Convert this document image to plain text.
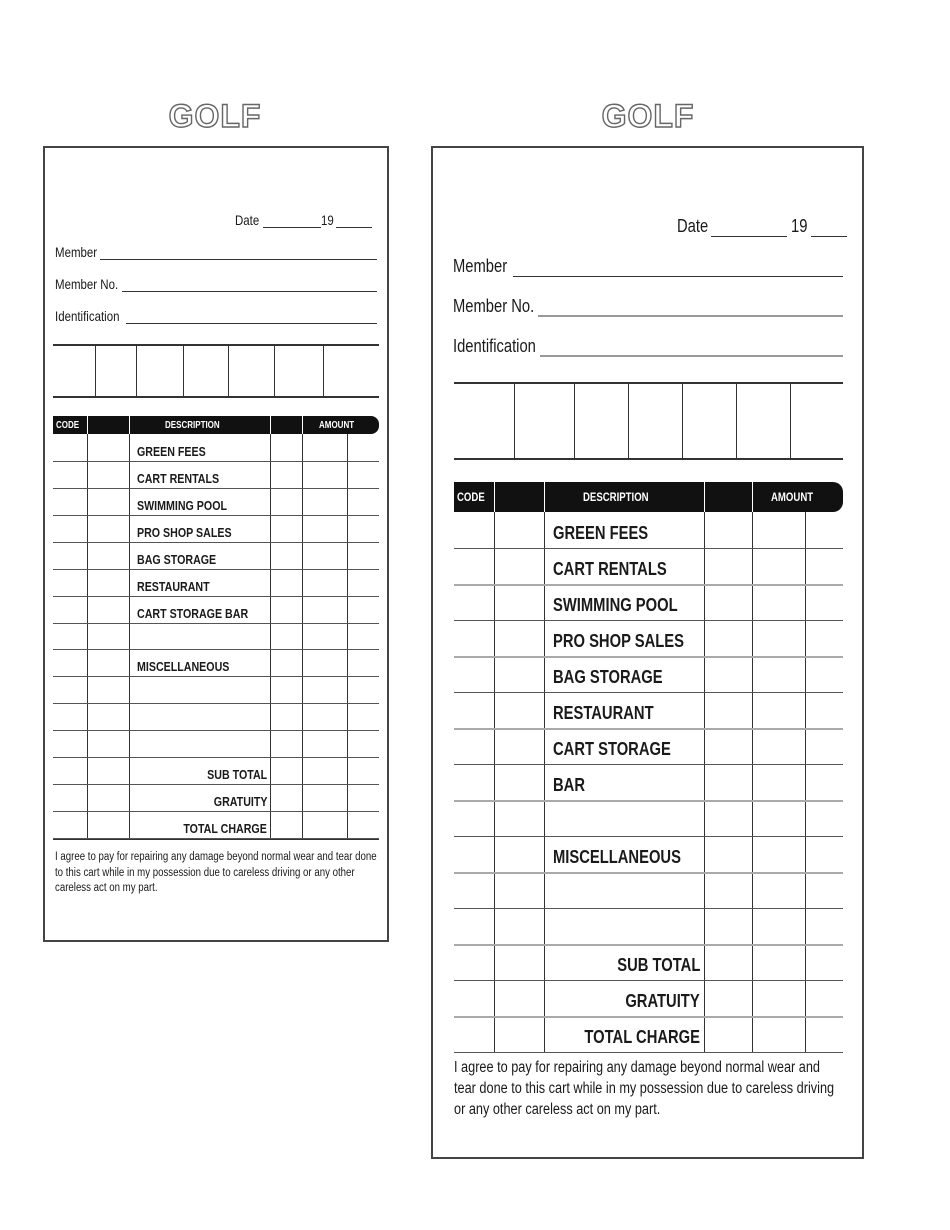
GOLF
Date	19
Member
Member No.
Identification
CODE	DESCRIPTION	AMOUNT
GREEN FEES
CART RENTALS
SWIMMING POOL
PRO SHOP SALES
BAG STORAGE
RESTAURANT
CART STORAGE BAR
MISCELLANEOUS
SUB TOTAL
GRATUITY
TOTAL CHARGE
I agree to pay for repairing any damage beyond normal wear and tear done to this cart while in my possession due to careless driving or any other careless act on my part.
GOLF
Date	19
Member
Member No.
Identification
CODE	DESCRIPTION	AMOUNT
GREEN FEES
CART RENTALS
SWIMMING POOL
PRO SHOP SALES
BAG STORAGE
RESTAURANT
CART STORAGE
BAR
MISCELLANEOUS
SUB TOTAL
GRATUITY
TOTAL CHARGE
I agree to pay for repairing any damage beyond normal wear and tear done to this cart while in my possession due to careless driving or any other careless act on my part.
